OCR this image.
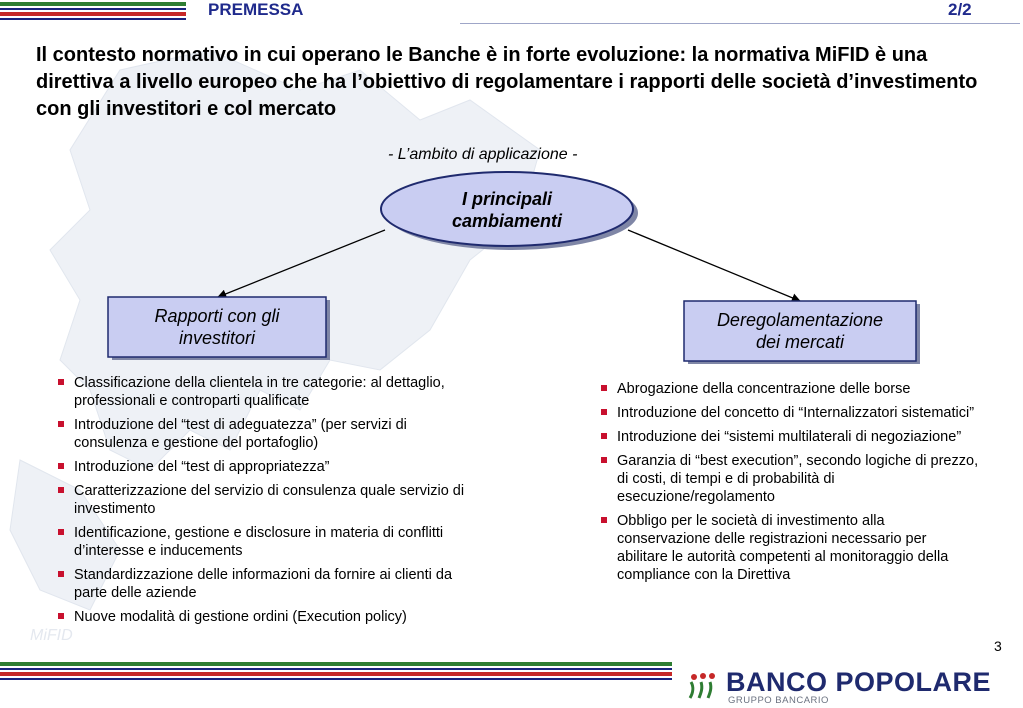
MiFID
PREMESSA	2/2
Il contesto normativo in cui operano le Banche è in forte evoluzione: la normativa MiFID è una direttiva a livello europeo che ha l’obiettivo di regolamentare i rapporti delle società d’investimento con gli investitori e col mercato
- L’ambito di applicazione -
I principali
cambiamenti
Rapporti con gli
investitori
Deregolamentazione
dei mercati
Classificazione della clientela in tre categorie: al dettaglio, professionali e controparti qualificate
Introduzione del “test di adeguatezza” (per servizi di consulenza e gestione del portafoglio)
Introduzione del “test di appropriatezza”
Caratterizzazione del servizio di consulenza quale servizio di investimento
Identificazione, gestione e disclosure in materia di conflitti d’interesse e inducements
Standardizzazione delle informazioni da fornire ai clienti da parte delle aziende
Nuove modalità di gestione ordini (Execution policy)
Abrogazione della concentrazione delle borse
Introduzione del concetto di “Internalizzatori sistematici”
Introduzione dei “sistemi multilaterali di negoziazione”
Garanzia di “best execution”, secondo logiche di prezzo, di costi, di tempi e di probabilità di esecuzione/regolamento
Obbligo per le società di investimento alla conservazione delle registrazioni necessario per abilitare le autorità competenti al monitoraggio della compliance con la Direttiva
3
BANCO POPOLARE
GRUPPO BANCARIO
